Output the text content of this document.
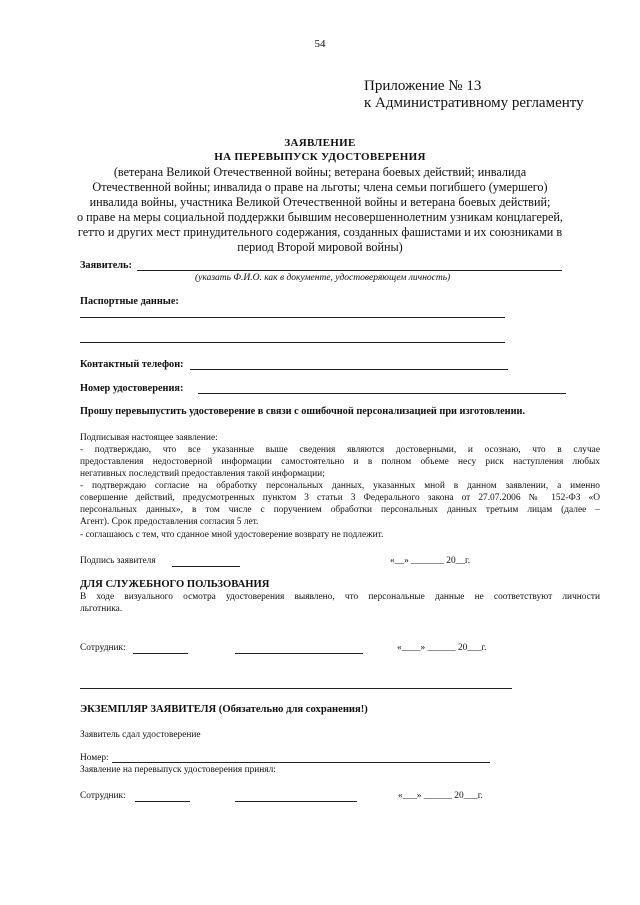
54
Приложение № 13
к Административному регламенту
ЗАЯВЛЕНИЕ
НА ПЕРЕВЫПУСК УДОСТОВЕРЕНИЯ
(ветерана Великой Отечественной войны; ветерана боевых действий; инвалида
Отечественной войны; инвалида о праве на льготы; члена семьи погибшего (умершего)
инвалида войны, участника Великой Отечественной войны и ветерана боевых действий;
о праве на меры социальной поддержки бывшим несовершеннолетним узникам концлагерей,
гетто и других мест принудительного содержания, созданных фашистами и их союзниками в
период Второй мировой войны)
Заявитель:
(указать Ф.И.О. как в документе, удостоверяющем личность)
Паспортные данные:
Контактный телефон:
Номер удостоверения:
Прошу перевыпустить удостоверение в связи с ошибочной персонализацией при изготовлении.
Подписывая настоящее заявление:
- подтверждаю, что все указанные выше сведения являются достоверными, и осознаю, что в случае
предоставления недостоверной информации самостоятельно и в полном объеме несу риск наступления любых
негативных последствий предоставления такой информации;
- подтверждаю согласие на обработку персональных данных, указанных мной в данном заявлении, а именно
совершение действий, предусмотренных пунктом 3 статьи 3 Федерального закона от 27.07.2006 № 152-ФЗ «О
персональных данных», в том числе с поручением обработки персональных данных третьим лицам (далее –
Агент). Срок предоставления согласия 5 лет.
- соглашаюсь с тем, что сданное мной удостоверение возврату не подлежит.
Подпись заявителя	«__» _______ 20__г.
ДЛЯ СЛУЖЕБНОГО ПОЛЬЗОВАНИЯ
В ходе визуального осмотра удостоверения выявлено, что персональные данные не соответствуют личности
льготника.
Сотрудник:	«____» ______ 20___г.
ЭКЗЕМПЛЯР ЗАЯВИТЕЛЯ (Обязательно для сохранения!)
Заявитель сдал удостоверение
Номер:
Заявление на перевыпуск удостоверения принял:
Сотрудник:	«___» ______ 20___г.
